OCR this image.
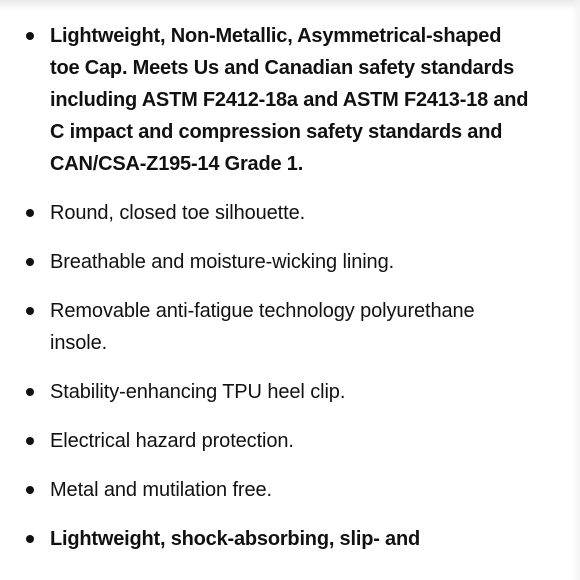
Lightweight, Non-Metallic, Asymmetrical-shaped toe Cap. Meets Us and Canadian safety standards including ASTM F2412-18a and ASTM F2413-18 and C impact and compression safety standards and CAN/CSA-Z195-14 Grade 1.
Round, closed toe silhouette.
Breathable and moisture-wicking lining.
Removable anti-fatigue technology polyurethane insole.
Stability-enhancing TPU heel clip.
Electrical hazard protection.
Metal and mutilation free.
Lightweight, shock-absorbing, slip- and
